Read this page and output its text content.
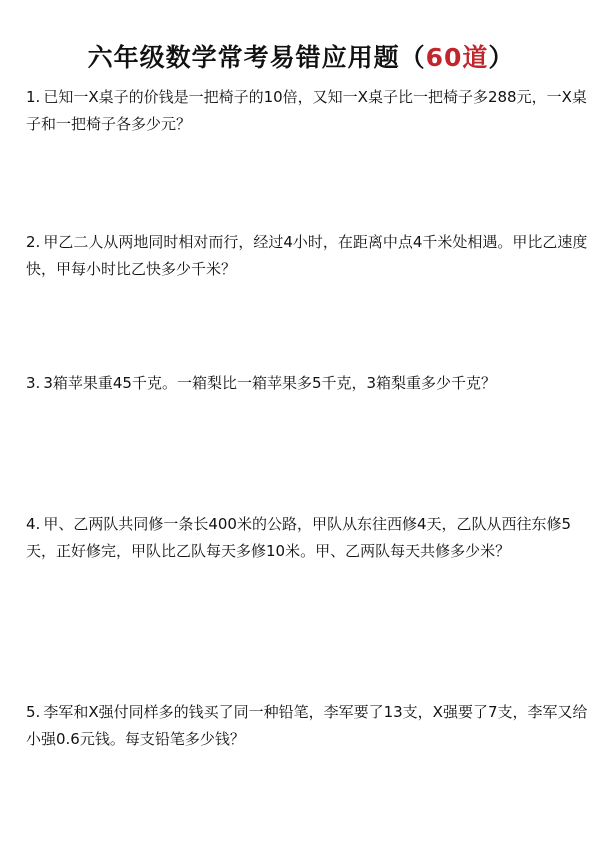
六年级数学常考易错应用题（60道）
1. 已知一X桌子的价钱是一把椅子的10倍，又知一X桌子比一把椅子多288元，一X桌子和一把椅子各多少元？
2. 甲乙二人从两地同时相对而行，经过4小时，在距离中点4千米处相遇。甲比乙速度快，甲每小时比乙快多少千米？
3. 3箱苹果重45千克。一箱梨比一箱苹果多5千克，3箱梨重多少千克？
4. 甲、乙两队共同修一条长400米的公路，甲队从东往西修4天，乙队从西往东修5天，正好修完，甲队比乙队每天多修10米。甲、乙两队每天共修多少米？
5. 李军和X强付同样多的钱买了同一种铅笔，李军要了13支，X强要了7支，李军又给小强0.6元钱。每支铅笔多少钱？
